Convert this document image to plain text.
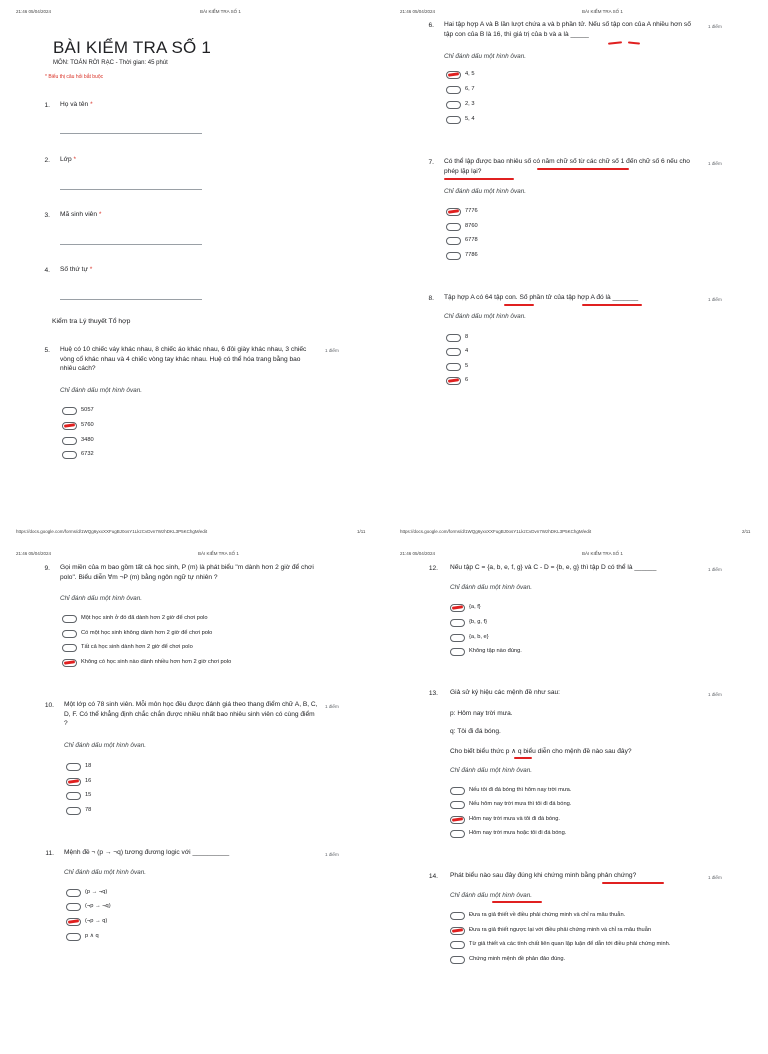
21:46 05/04/2024	BÀI KIỂM TRA SỐ 1
BÀI KIỂM TRA SỐ 1
MÔN: TOÁN RỜI RẠC - Thời gian: 45 phút
* Biểu thị câu hỏi bắt buộc
1. Họ và tên *
2. Lớp *
3. Mã sinh viên *
4. Số thứ tự *
Kiểm tra Lý thuyết Tổ hợp
5. Huệ có 10 chiếc váy khác nhau, 8 chiếc áo khác nhau, 6 đôi giày khác nhau, 3 chiếc vòng cổ khác nhau và 4 chiếc vòng tay khác nhau. Huệ có thể hóa trang bằng bao nhiêu cách?
1 điểm
Chỉ đánh dấu một hình ôvan.
5057
5760
3480
6732
21:46 05/04/2024	BÀI KIỂM TRA SỐ 1
6. Hai tập hợp A và B lần lượt chứa a và b phần tử. Nếu số tập con của A nhiều hơn số tập con của B là 16, thì giá trị của b và a là _____
1 điểm
Chỉ đánh dấu một hình ôvan.
4, 5
6, 7
2, 3
5, 4
7. Có thể lập được bao nhiêu số có năm chữ số từ các chữ số 1 đến chữ số 6 nếu cho phép lặp lại?
1 điểm
Chỉ đánh dấu một hình ôvan.
7776
8760
6778
7786
8. Tập hợp A có 64 tập con. Số phần tử của tập hợp A đó là _______	1 điểm
Chỉ đánh dấu một hình ôvan.
8
4
5
6
https://docs.google.com/forms/d/1WQg6yxxXXFugBJ0osY1LkzCvDvn7WzhDKL3P5KChgM/edit	1/11	https://docs.google.com/forms/d/1WQg6yxxXXFugBJ0osY1LkzCvDvn7WzhDKL3P5KChgM/edit	2/11
21:46 05/04/2024	BÀI KIỂM TRA SỐ 1
9. Gọi miền của m bao gồm tất cả học sinh, P (m) là phát biểu "m dành hơn 2 giờ để chơi polo". Biểu diễn ∀m ¬P (m) bằng ngôn ngữ tự nhiên ?
Chỉ đánh dấu một hình ôvan.
Một học sinh ở đó đã dành hơn 2 giờ để chơi polo
Có một học sinh không dành hơn 2 giờ để chơi polo
Tất cả học sinh dành hơn 2 giờ để chơi polo
Không có học sinh nào dành nhiều hơn hơn 2 giờ chơi polo
10. Một lớp có 78 sinh viên. Mỗi môn học đều được đánh giá theo thang điểm chữ A, B, C, D, F. Có thể khẳng định chắc chắn được nhiều nhất bao nhiêu sinh viên có cùng điểm ?
1 điểm
Chỉ đánh dấu một hình ôvan.
18
16
15
78
11. Mệnh đề ¬ (p → ¬q) tương đương logic với __________	1 điểm
Chỉ đánh dấu một hình ôvan.
(p → ¬q)
(¬p → ¬q)
(¬p → q)
p ∧ q
21:46 05/04/2024	BÀI KIỂM TRA SỐ 1
12. Nếu tập C = {a, b, e, f, g} và C - D = {b, e, g} thì tập D có thể là ______	1 điểm
Chỉ đánh dấu một hình ôvan.
{a, f}
{b, g, f}
{a, b, e}
Không tập nào đúng.
13. Giả sử ký hiệu các mệnh đề như sau:	1 điểm
p: Hôm nay trời mưa.
q: Tôi đi đá bóng.
Cho biết biểu thức p ∧ q biểu diễn cho mệnh đề nào sau đây?
Chỉ đánh dấu một hình ôvan.
Nếu tôi đi đá bóng thì hôm nay trời mưa.
Nếu hôm nay trời mưa thì tôi đi đá bóng.
Hôm nay trời mưa và tôi đi đá bóng.
Hôm nay trời mưa hoặc tôi đi đá bóng.
14. Phát biểu nào sau đây đúng khi chứng minh bằng phản chứng?	1 điểm
Chỉ đánh dấu một hình ôvan.
Đưa ra giả thiết về điều phải chứng minh và chỉ ra mâu thuẫn.
Đưa ra giả thiết ngược lại với điều phải chứng minh và chỉ ra mâu thuẫn
Từ giả thiết và các tính chất liên quan lập luận để dẫn tới điều phải chứng minh.
Chứng minh mệnh đề phản đảo đúng.
